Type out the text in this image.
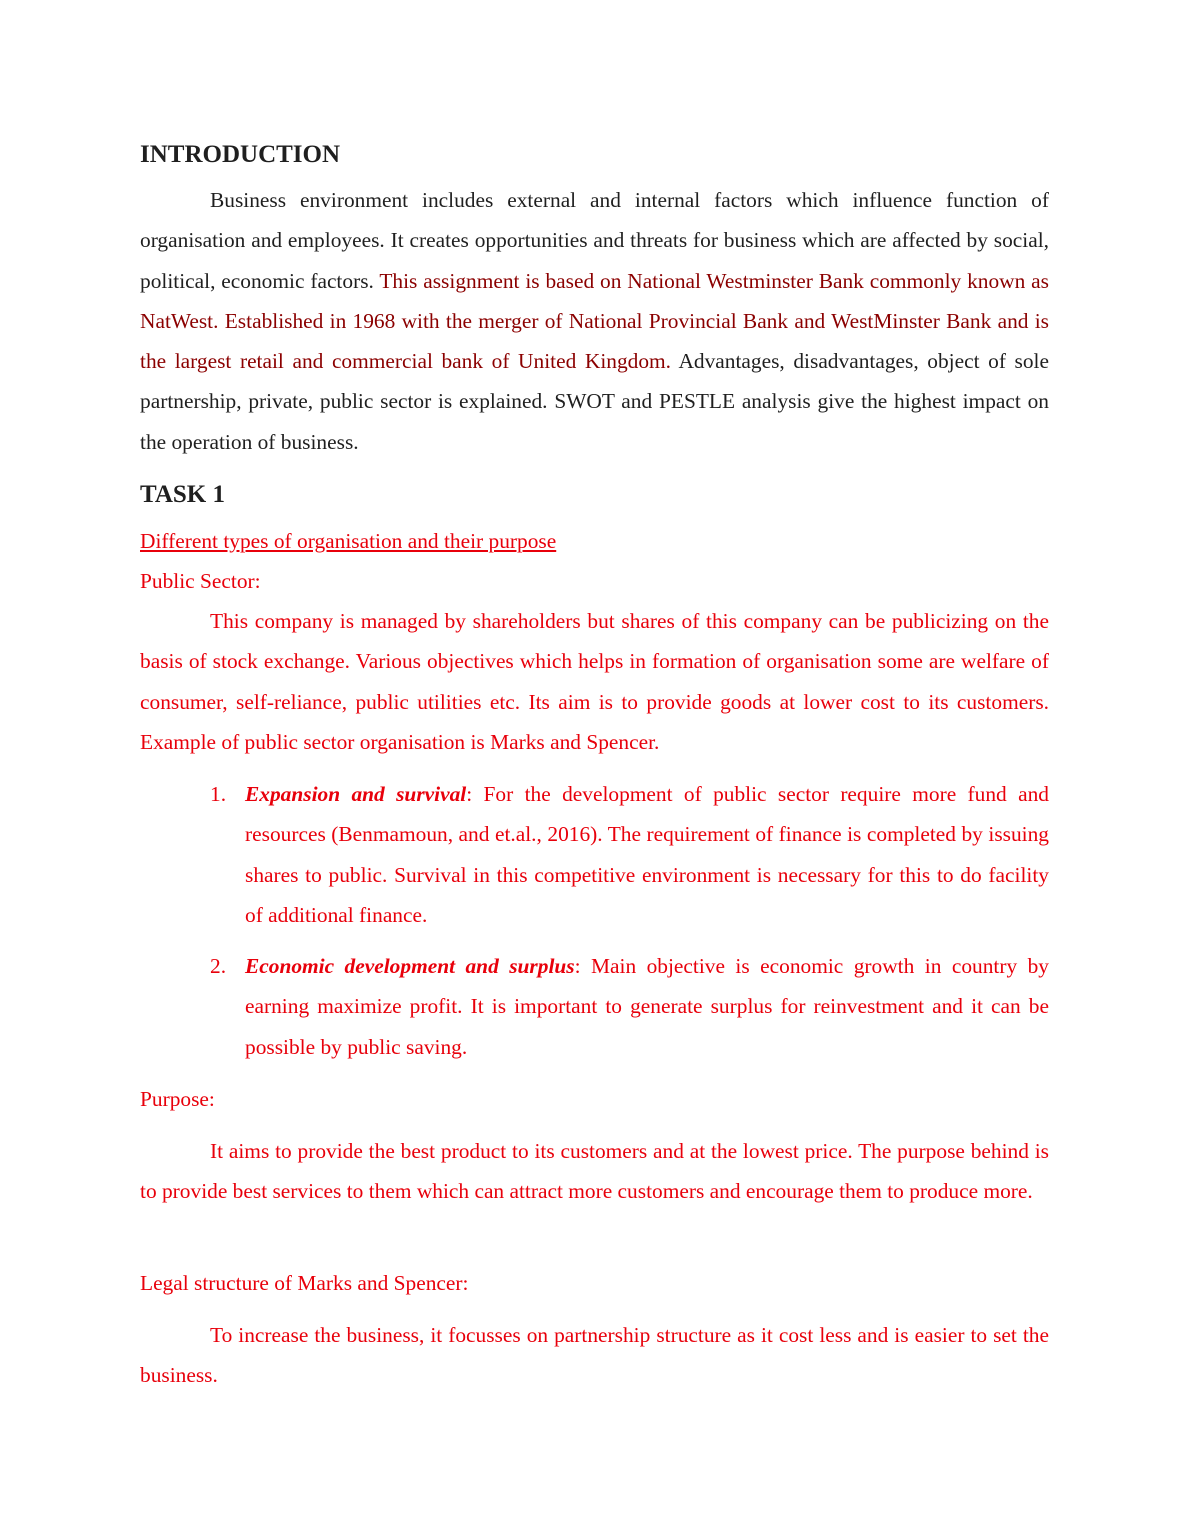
INTRODUCTION

Business environment includes external and internal factors which influence function of organisation and employees. It creates opportunities and threats for business which are affected by social, political, economic factors. This assignment is based on National Westminster Bank commonly known as NatWest. Established in 1968 with the merger of National Provincial Bank and WestMinster Bank and is the largest retail and commercial bank of United Kingdom. Advantages, disadvantages, object of sole partnership, private, public sector is explained. SWOT and PESTLE analysis give the highest impact on the operation of business.

TASK 1
Different types of organisation and their purpose
Public Sector:

This company is managed by shareholders but shares of this company can be publicizing on the basis of stock exchange. Various objectives which helps in formation of organisation some are welfare of consumer, self-reliance, public utilities etc. Its aim is to provide goods at lower cost to its customers. Example of public sector organisation is Marks and Spencer.

1. Expansion and survival: For the development of public sector require more fund and resources (Benmamoun, and et.al., 2016). The requirement of finance is completed by issuing shares to public. Survival in this competitive environment is necessary for this to do facility of additional finance.
2. Economic development and surplus: Main objective is economic growth in country by earning maximize profit. It is important to generate surplus for reinvestment and it can be possible by public saving.
Purpose:

It aims to provide the best product to its customers and at the lowest price. The purpose behind is to provide best services to them which can attract more customers and encourage them to produce more.

Legal structure of Marks and Spencer:

To increase the business, it focusses on partnership structure as it cost less and is easier to set the business.
